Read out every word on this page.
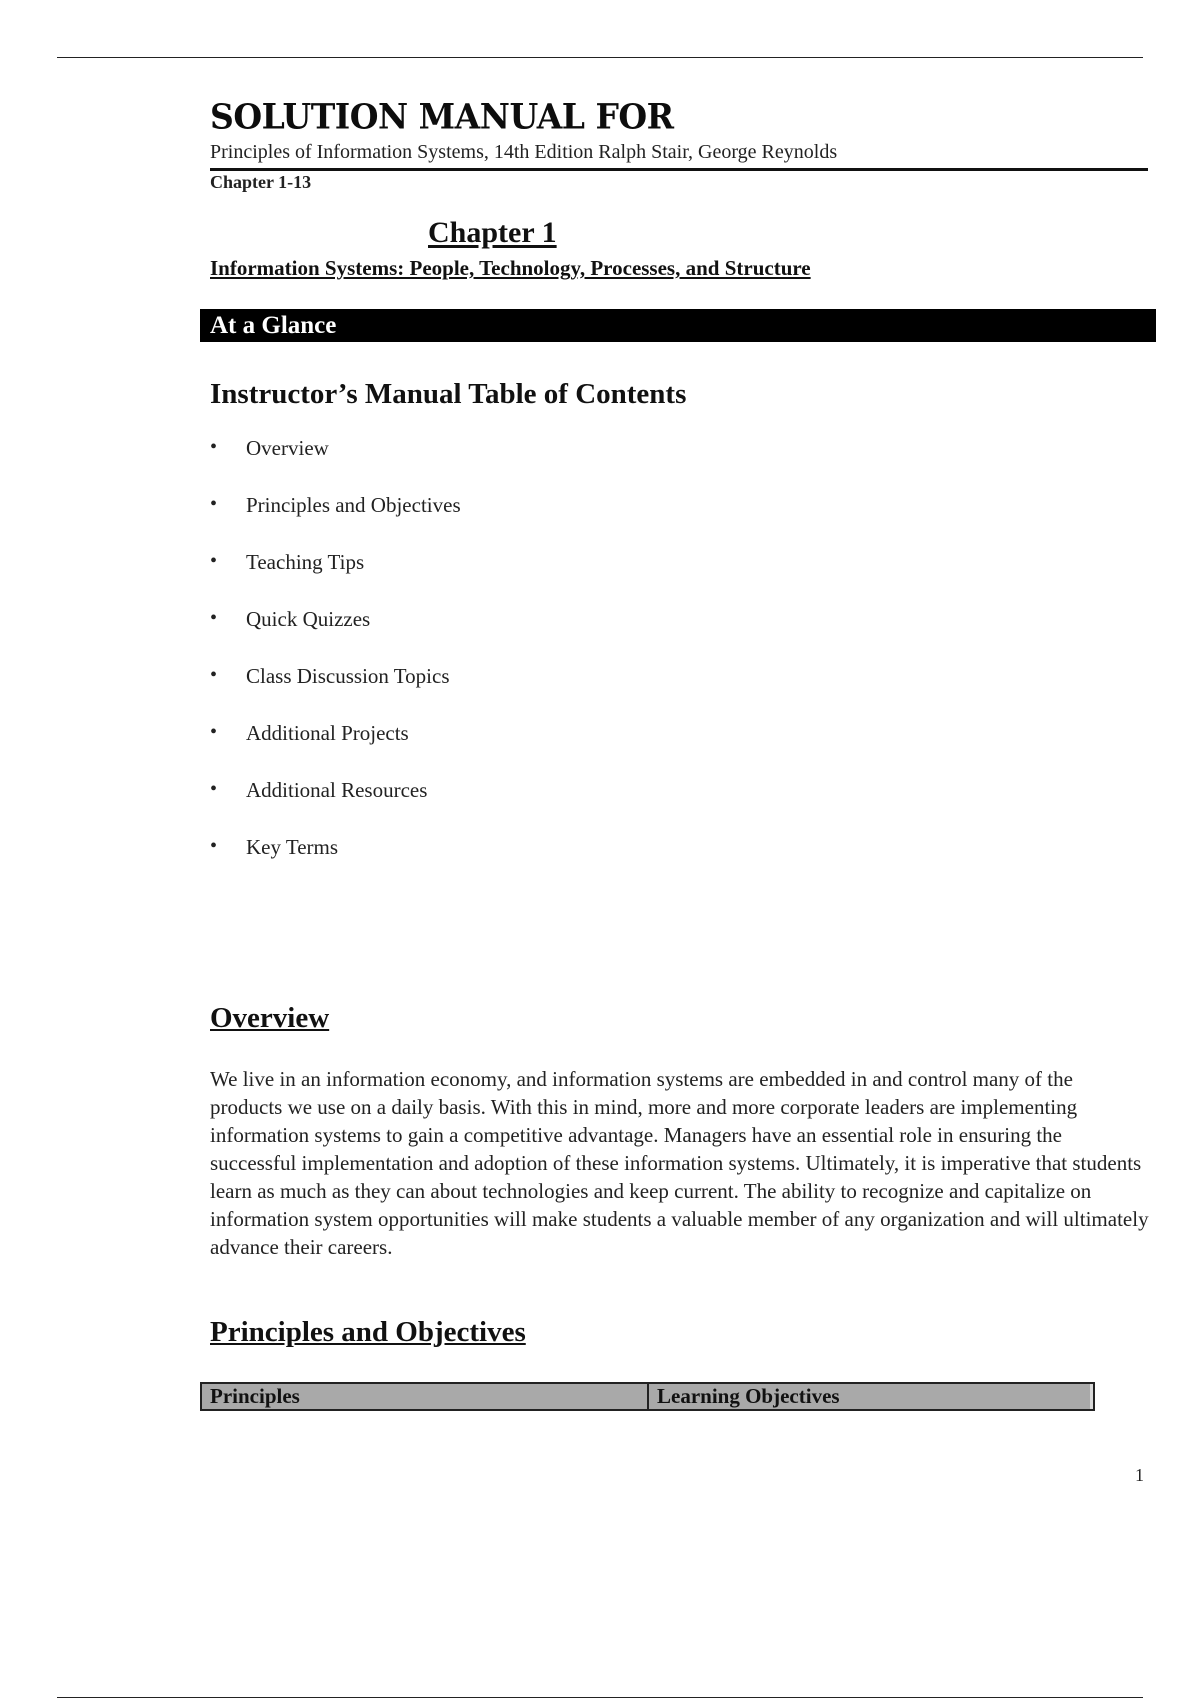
SOLUTION MANUAL FOR
Principles of Information Systems, 14th Edition Ralph Stair, George Reynolds
Chapter 1-13
Chapter 1
Information Systems: People, Technology, Processes, and Structure
At a Glance
Instructor’s Manual Table of Contents
• Overview
• Principles and Objectives
• Teaching Tips
• Quick Quizzes
• Class Discussion Topics
• Additional Projects
• Additional Resources
• Key Terms
Overview

We live in an information economy, and information systems are embedded in and control many of the products we use on a daily basis. With this in mind, more and more corporate leaders are implementing information systems to gain a competitive advantage. Managers have an essential role in ensuring the successful implementation and adoption of these information systems. Ultimately, it is imperative that students learn as much as they can about technologies and keep current. The ability to recognize and capitalize on information system opportunities will make students a valuable member of any organization and will ultimately advance their careers.

Principles and Objectives
Principles	Learning Objectives
1
